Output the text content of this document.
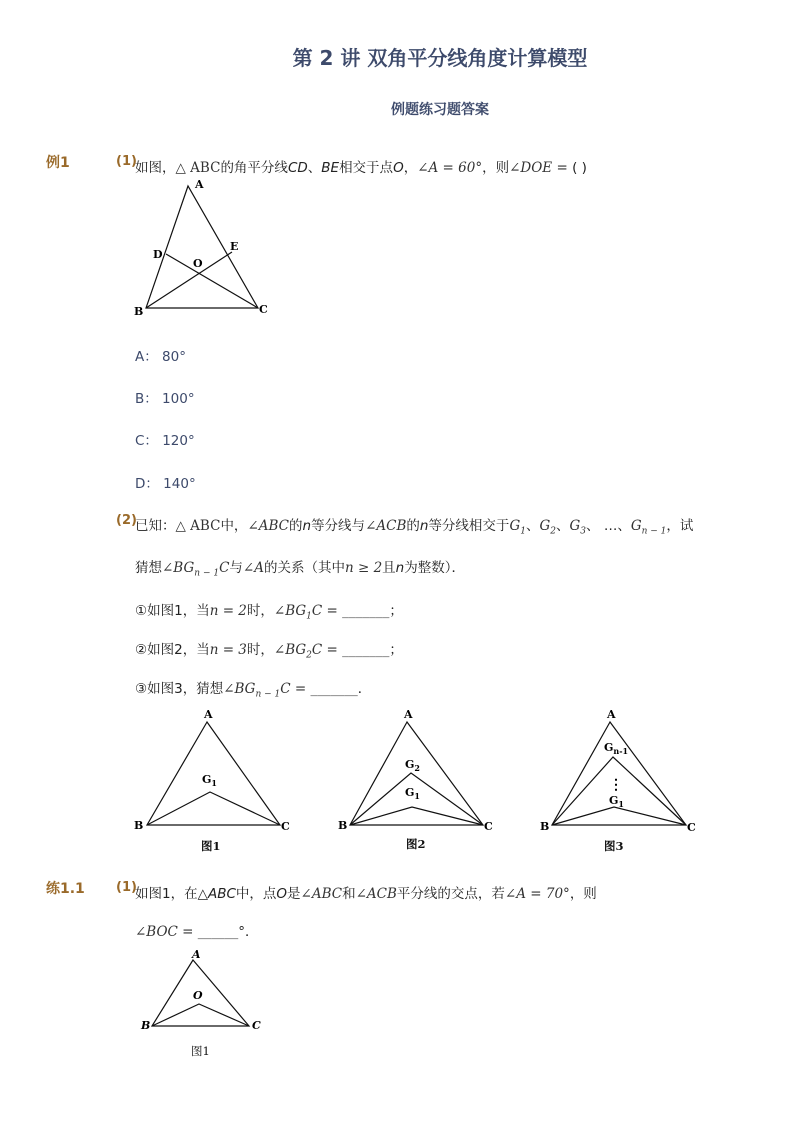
第 2 讲 双角平分线角度计算模型
例题练习题答案
例1	(1)
如图，△ ABC的角平分线CD、BE相交于点O，∠A = 60°，则∠DOE = ( )
A
B	C
D
E
O
A： 80°
B： 100°
C： 120°
D： 140°
(2)
已知：△ ABC中，∠ABC的n等分线与∠ACB的n等分线相交于$G_1$、$G_2$、$G_3$、 …、$G_{n - 1}$，试
猜想$\angle BG_{n - 1}C$与∠A的关系（其中n ≥ 2且n为整数）．
①如图1，当n = 2时，$\angle BG_1C$ = _______；
②如图2，当n = 3时，$\angle BG_2C$ = _______；
③如图3，猜想$\angle BG_{n - 1}C$ = _______．
A
B	C
$G_1$
A
B	C
$G_2$
$G_1$
A
B	C
$G_{n-1}$
⋮
$G_1$
图1	图2	图3
练1.1 (1)
如图1，在△ABC中，点O是∠ABC和∠ACB平分线的交点，若∠A = 70°，则
∠BOC = ______°．
A
B	C
O
图1
